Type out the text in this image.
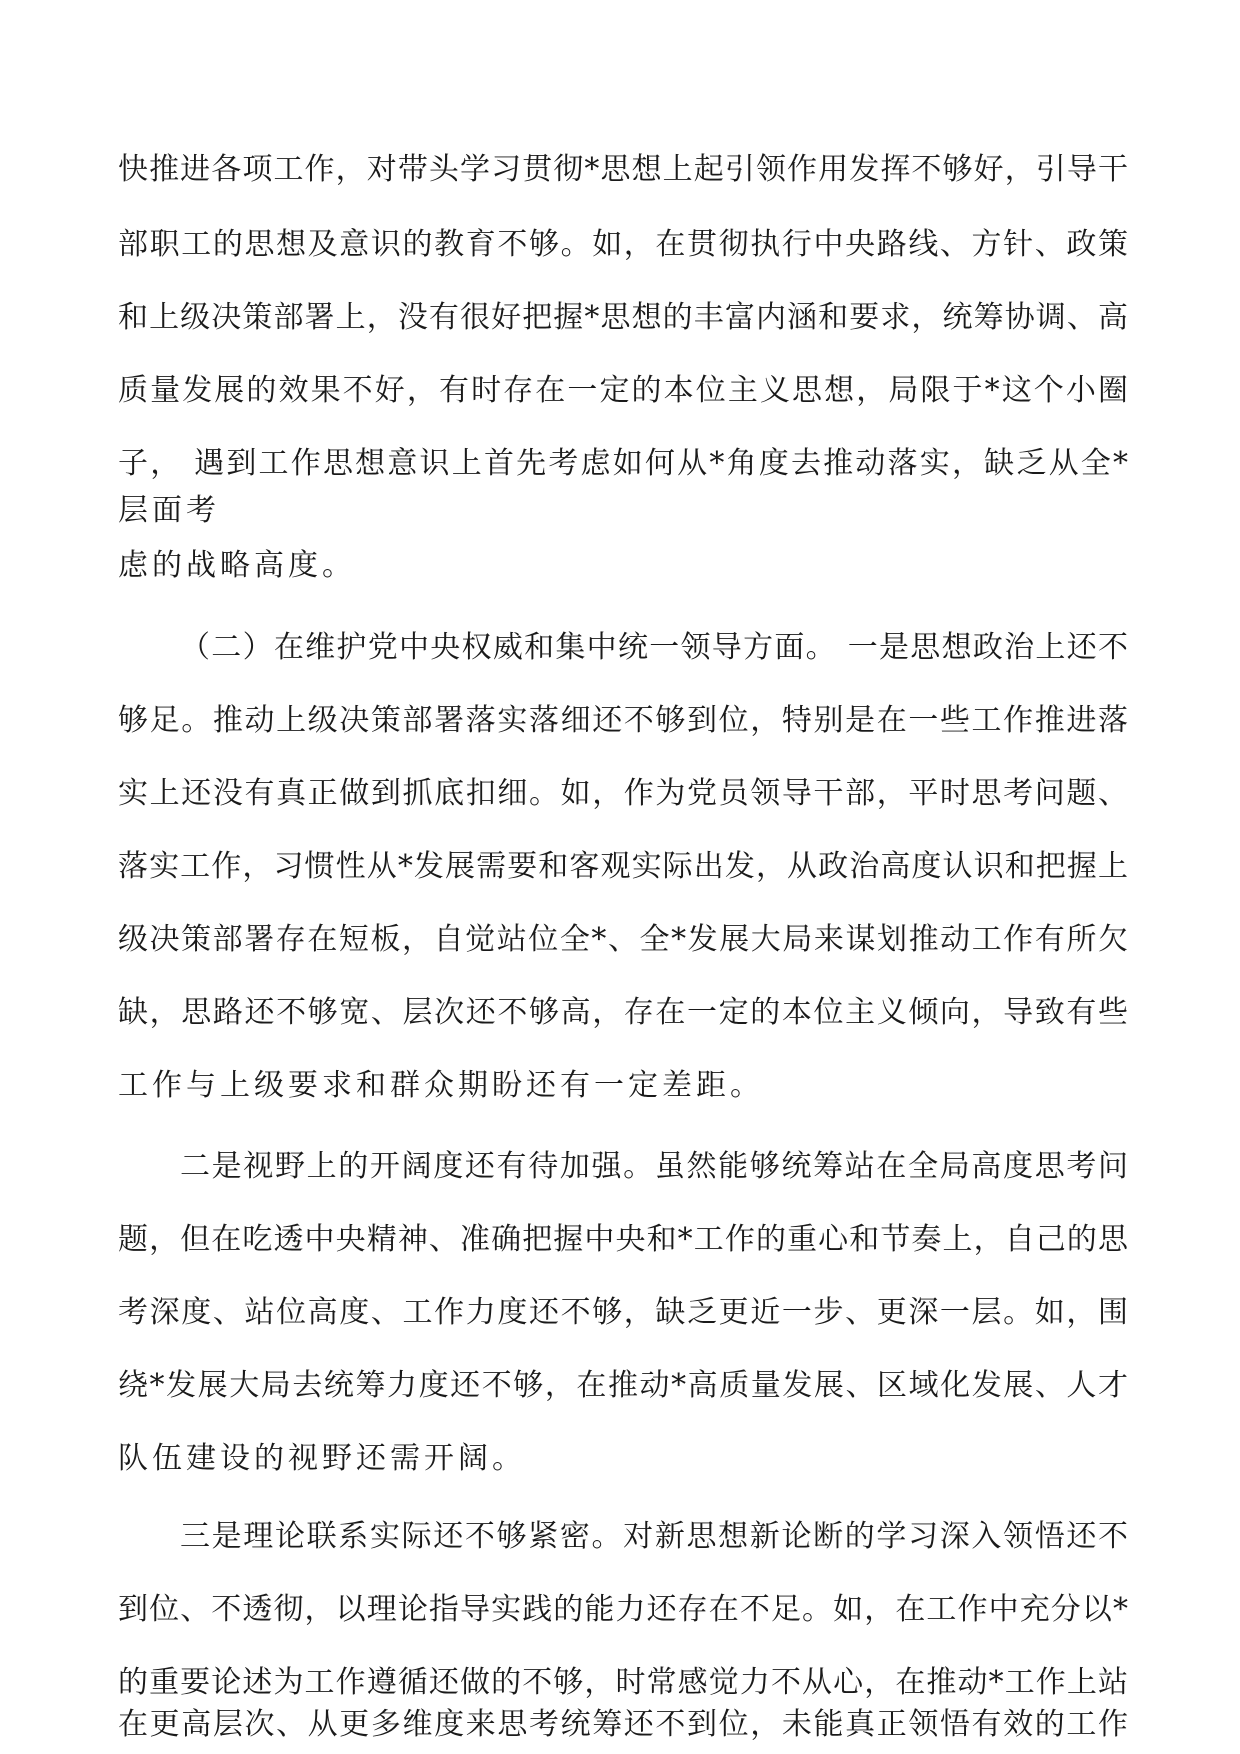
快推进各项工作，对带头学习贯彻*思想上起引领作用发挥不够好，引导干
部职工的思想及意识的教育不够。如，在贯彻执行中央路线、方针、政策
和上级决策部署上，没有很好把握*思想的丰富内涵和要求，统筹协调、高
质量发展的效果不好，有时存在一定的本位主义思想，局限于*这个小圈
子， 遇到工作思想意识上首先考虑如何从*角度去推动落实，缺乏从全*
层面考
虑的战略高度。
（二）在维护党中央权威和集中统一领导方面。 一是思想政治上还不
够足。推动上级决策部署落实落细还不够到位，特别是在一些工作推进落
实上还没有真正做到抓底扣细。如，作为党员领导干部，平时思考问题、
落实工作，习惯性从*发展需要和客观实际出发，从政治高度认识和把握上
级决策部署存在短板，自觉站位全*、全*发展大局来谋划推动工作有所欠
缺，思路还不够宽、层次还不够高，存在一定的本位主义倾向，导致有些
工作与上级要求和群众期盼还有一定差距。
二是视野上的开阔度还有待加强。虽然能够统筹站在全局高度思考问
题，但在吃透中央精神、准确把握中央和*工作的重心和节奏上，自己的思
考深度、站位高度、工作力度还不够，缺乏更近一步、更深一层。如，围
绕*发展大局去统筹力度还不够，在推动*高质量发展、区域化发展、人才
队伍建设的视野还需开阔。
三是理论联系实际还不够紧密。对新思想新论断的学习深入领悟还不
到位、不透彻，以理论指导实践的能力还存在不足。如，在工作中充分以*
的重要论述为工作遵循还做的不够，时常感觉力不从心，在推动*工作上站
在更高层次、从更多维度来思考统筹还不到位，未能真正领悟有效的工作
